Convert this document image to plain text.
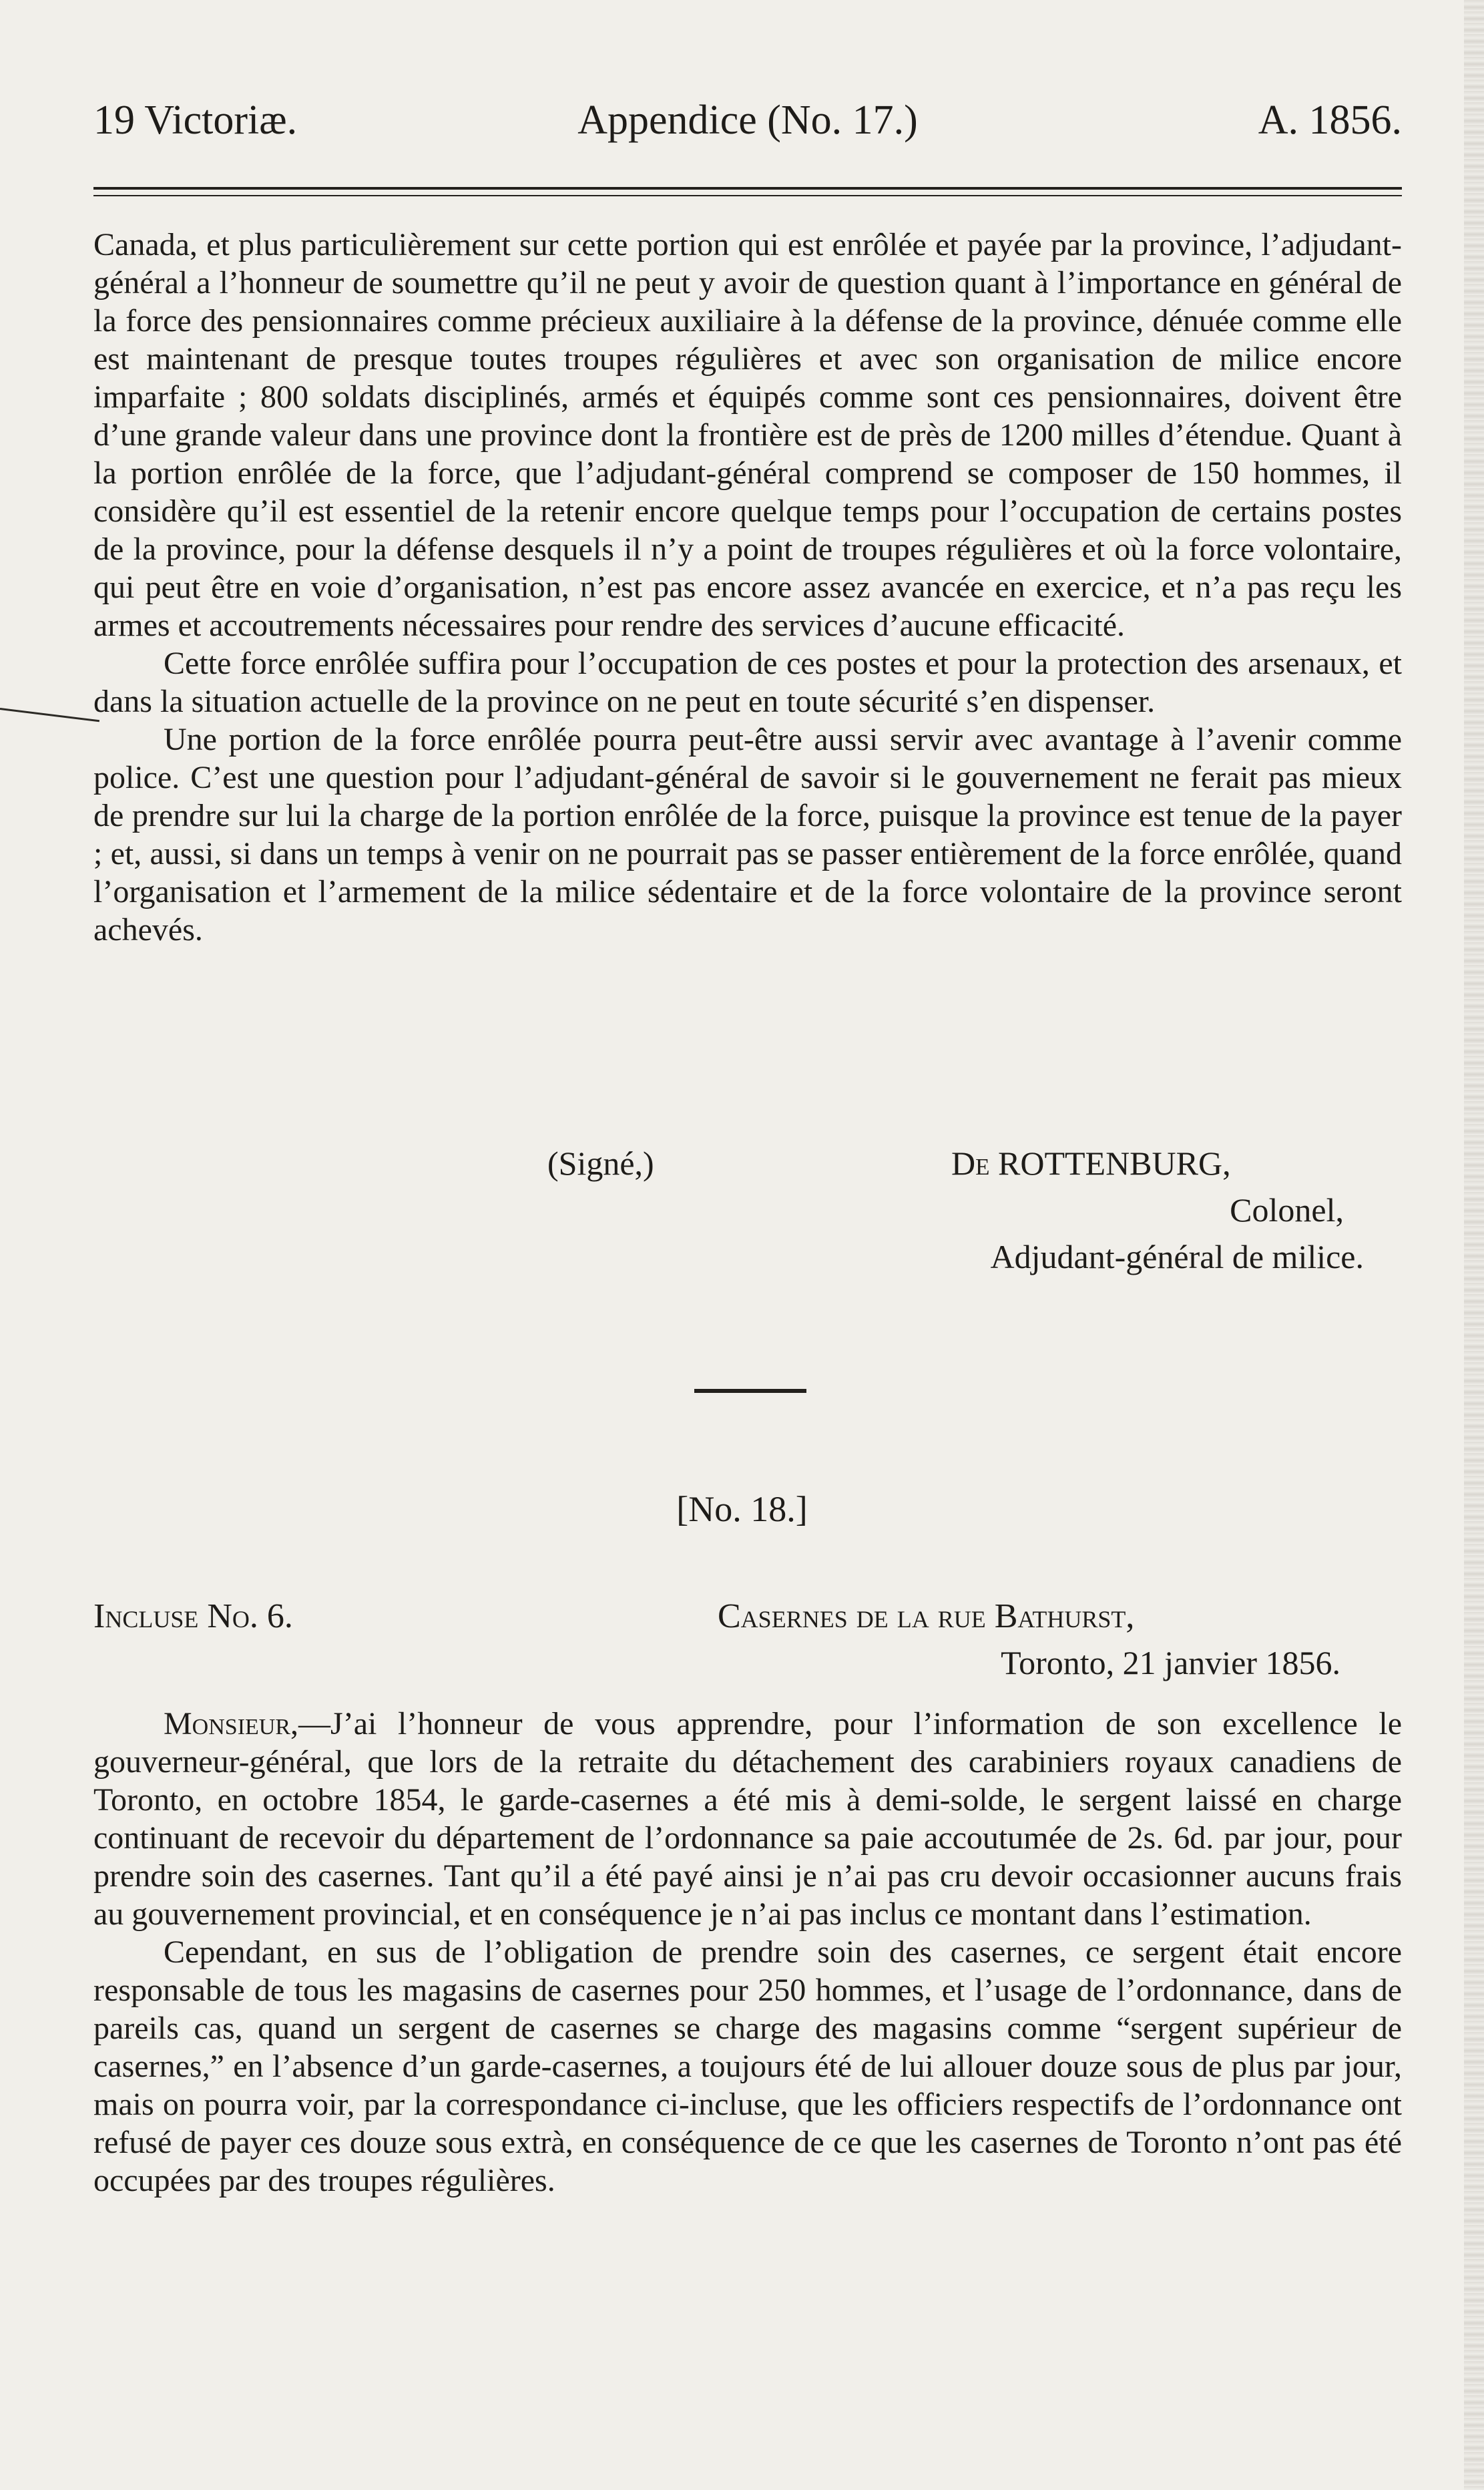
19 Victoriæ.	Appendice (No. 17.)	A. 1856.

Canada, et plus particulièrement sur cette portion qui est enrôlée et payée par la province, l’adjudant-général a l’honneur de soumettre qu’il ne peut y avoir de question quant à l’importance en général de la force des pensionnaires comme précieux auxiliaire à la défense de la province, dénuée comme elle est maintenant de presque toutes troupes régulières et avec son organisation de milice encore imparfaite ; 800 soldats disciplinés, armés et équipés comme sont ces pensionnaires, doivent être d’une grande valeur dans une province dont la frontière est de près de 1200 milles d’étendue. Quant à la portion enrôlée de la force, que l’adjudant-général comprend se composer de 150 hommes, il considère qu’il est essentiel de la retenir encore quelque temps pour l’occupation de certains postes de la province, pour la défense desquels il n’y a point de troupes régulières et où la force volontaire, qui peut être en voie d’organisation, n’est pas encore assez avancée en exercice, et n’a pas reçu les armes et accoutrements nécessaires pour rendre des services d’aucune efficacité.

Cette force enrôlée suffira pour l’occupation de ces postes et pour la protection des arsenaux, et dans la situation actuelle de la province on ne peut en toute sécurité s’en dispenser.

Une portion de la force enrôlée pourra peut-être aussi servir avec avantage à l’avenir comme police. C’est une question pour l’adjudant-général de savoir si le gouvernement ne ferait pas mieux de prendre sur lui la charge de la portion enrôlée de la force, puisque la province est tenue de la payer ; et, aussi, si dans un temps à venir on ne pourrait pas se passer entièrement de la force enrôlée, quand l’organisation et l’armement de la milice sédentaire et de la force volontaire de la province seront achevés.

(Signé,)	De ROTTENBURG,
Colonel,
Adjudant-général de milice.
[No. 18.]
Incluse No. 6.	Casernes de la rue Bathurst,
Toronto, 21 janvier 1856.

Monsieur,—J’ai l’honneur de vous apprendre, pour l’information de son excellence le gouverneur-général, que lors de la retraite du détachement des carabiniers royaux canadiens de Toronto, en octobre 1854, le garde-casernes a été mis à demi-solde, le sergent laissé en charge continuant de recevoir du département de l’ordonnance sa paie accoutumée de 2s. 6d. par jour, pour prendre soin des casernes. Tant qu’il a été payé ainsi je n’ai pas cru devoir occasionner aucuns frais au gouvernement provincial, et en conséquence je n’ai pas inclus ce montant dans l’estimation.

Cependant, en sus de l’obligation de prendre soin des casernes, ce sergent était encore responsable de tous les magasins de casernes pour 250 hommes, et l’usage de l’ordonnance, dans de pareils cas, quand un sergent de casernes se charge des magasins comme “sergent supérieur de casernes,” en l’absence d’un garde-casernes, a toujours été de lui allouer douze sous de plus par jour, mais on pourra voir, par la correspondance ci-incluse, que les officiers respectifs de l’ordonnance ont refusé de payer ces douze sous extrà, en conséquence de ce que les casernes de Toronto n’ont pas été occupées par des troupes régulières.
